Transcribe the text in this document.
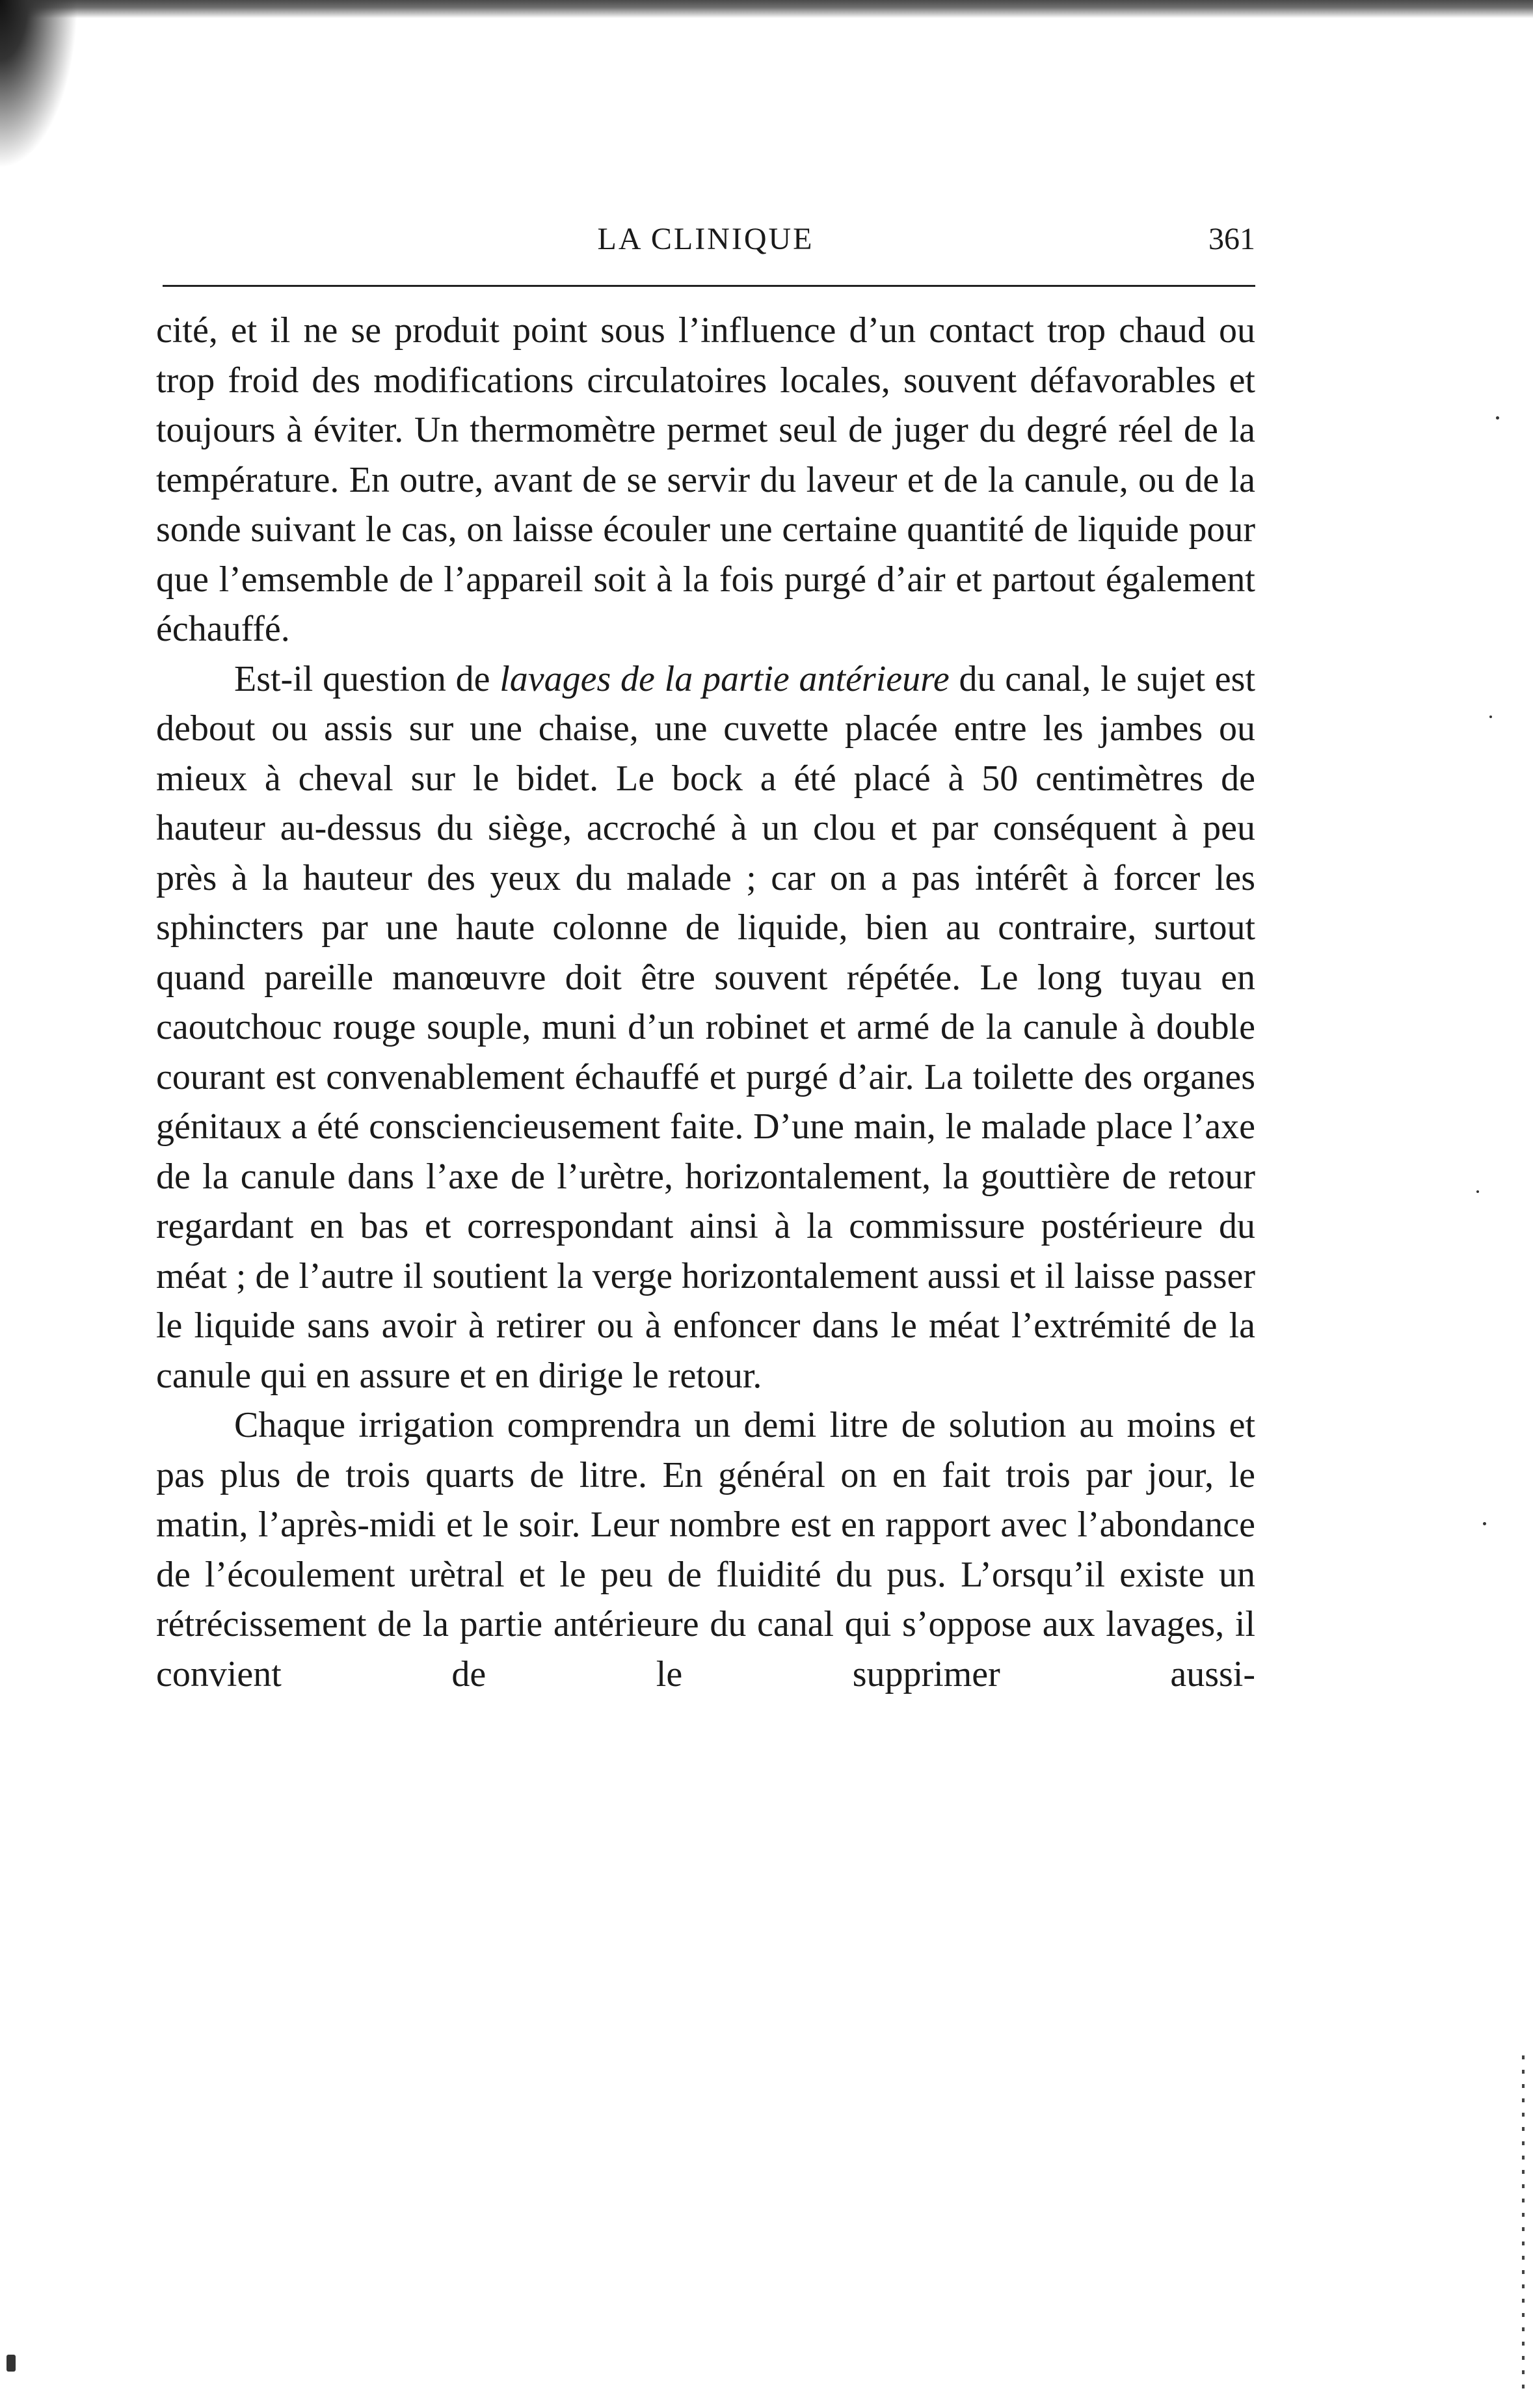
LA CLINIQUE	361

cité, et il ne se produit point sous l’influence d’un contact trop chaud ou trop froid des modifications circulatoires locales, souvent défavorables et toujours à éviter. Un thermomètre permet seul de juger du degré réel de la température. En outre, avant de se servir du laveur et de la canule, ou de la sonde suivant le cas, on laisse écouler une certaine quantité de liquide pour que l’emsemble de l’appareil soit à la fois purgé d’air et partout également échauffé.

Est-il question de lavages de la partie antérieure du canal, le sujet est debout ou assis sur une chaise, une cuvette placée entre les jambes ou mieux à cheval sur le bidet. Le bock a été placé à 50 centimètres de hauteur au-dessus du siège, accroché à un clou et par conséquent à peu près à la hauteur des yeux du malade ; car on a pas intérêt à forcer les sphincters par une haute colonne de liquide, bien au contraire, surtout quand pareille manœuvre doit être souvent répétée. Le long tuyau en caoutchouc rouge souple, muni d’un robinet et armé de la canule à double courant est convenablement échauffé et purgé d’air. La toilette des organes génitaux a été consciencieusement faite. D’une main, le malade place l’axe de la canule dans l’axe de l’urètre, horizontalement, la gouttière de retour regardant en bas et correspondant ainsi à la commissure postérieure du méat ; de l’autre il soutient la verge horizontalement aussi et il laisse passer le liquide sans avoir à retirer ou à enfoncer dans le méat l’extrémité de la canule qui en assure et en dirige le retour.

Chaque irrigation comprendra un demi litre de solution au moins et pas plus de trois quarts de litre. En général on en fait trois par jour, le matin, l’après-midi et le soir. Leur nombre est en rapport avec l’abondance de l’écoulement urètral et le peu de fluidité du pus. L’orsqu’il existe un rétrécissement de la partie antérieure du canal qui s’oppose aux lavages, il convient de le supprimer aussi-
